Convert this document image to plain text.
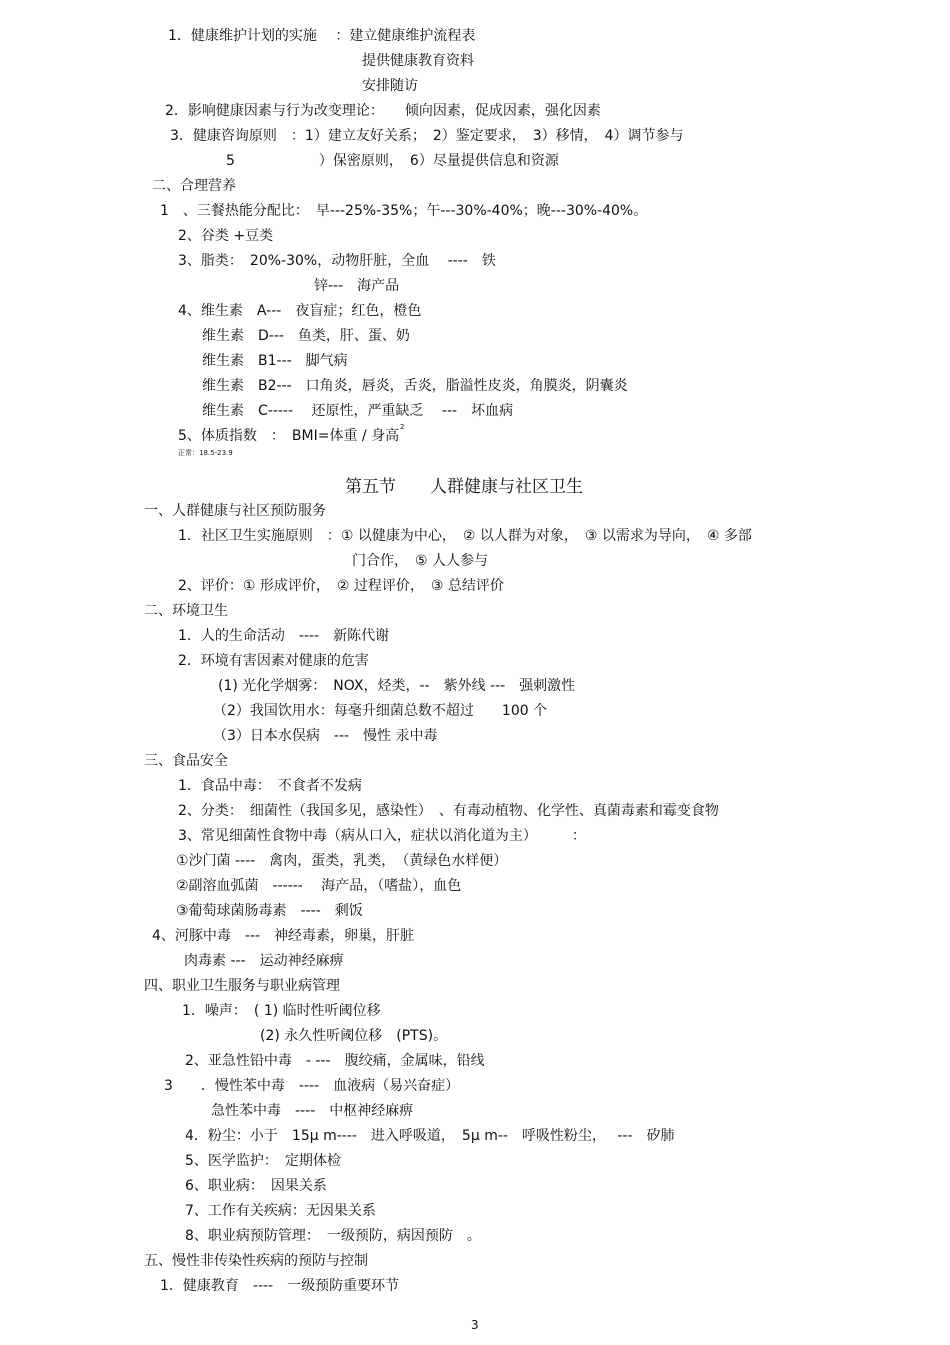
1．健康维护计划的实施　 ：建立健康维护流程表
提供健康教育资料
安排随访
2．影响健康因素与行为改变理论：　　倾向因素，促成因素，强化因素
3．健康咨询原则　：1）建立友好关系；　2）鉴定要求，　3）移情，　4）调节参与
5　　　　　　）保密原则，　6）尽量提供信息和资源
二、合理营养
1　、三餐热能分配比：　早---25%-35%；午---30%-40%；晚---30%-40%。
2、谷类 +豆类
3、脂类：　20%-30%，动物肝脏，全血　 ----　铁
锌---　海产品
4、维生素　A---　夜盲症；红色，橙色
维生素　D---　鱼类，肝、蛋、奶
维生素　B1---　脚气病
维生素　B2---　口角炎，唇炎，舌炎，脂溢性皮炎，角膜炎，阴囊炎
维生素　C-----　 还原性，严重缺乏　 ---　坏血病
5、体质指数　：　BMI=体重 / 身高
2
正常：18.5-23.9
第五节　　人群健康与社区卫生
一、人群健康与社区预防服务
1．社区卫生实施原则　：① 以健康为中心，　② 以人群为对象，　③ 以需求为导向，　④ 多部
门合作，　⑤ 人人参与
2、评价：① 形成评价，　② 过程评价，　③ 总结评价
二、环境卫生
1．人的生命活动　----　新陈代谢
2．环境有害因素对健康的危害
(1) 光化学烟雾：　NOX，烃类，--　紫外线 ---　强刺激性
（2）我国饮用水：每毫升细菌总数不超过　　100 个
（3）日本水俣病　---　慢性 汞中毒
三、食品安全
1．食品中毒：　不食者不发病
2、分类：　细菌性（我国多见，感染性）　、有毒动植物、化学性、真菌毒素和霉变食物
3、常见细菌性食物中毒（病从口入，症状以消化道为主）　　　：
①沙门菌 ----　禽肉，蛋类，乳类，　（黄绿色水样便）
②副溶血弧菌　------　 海产品，（嗜盐），血色
③葡萄球菌肠毒素　----　剩饭
4、河豚中毒　---　神经毒素，卵巢，肝脏
肉毒素 ---　运动神经麻痹
四、职业卫生服务与职业病管理
1．噪声：　( 1) 临时性听阈位移
(2) 永久性听阈位移　(PTS)。
2、亚急性铅中毒　- ---　腹绞痛，金属味，铅线
3　　．慢性苯中毒　----　血液病（易兴奋症）
急性苯中毒　----　中枢神经麻痹
4．粉尘：小于　15μ m----　进入呼吸道，　5μ m--　呼吸性粉尘，　 ---　矽肺
5、医学监护：　定期体检
6、职业病：　因果关系
7、工作有关疾病：无因果关系
8、职业病预防管理：　一级预防，病因预防　。
五、慢性非传染性疾病的预防与控制
1．健康教育　----　一级预防重要环节
3
